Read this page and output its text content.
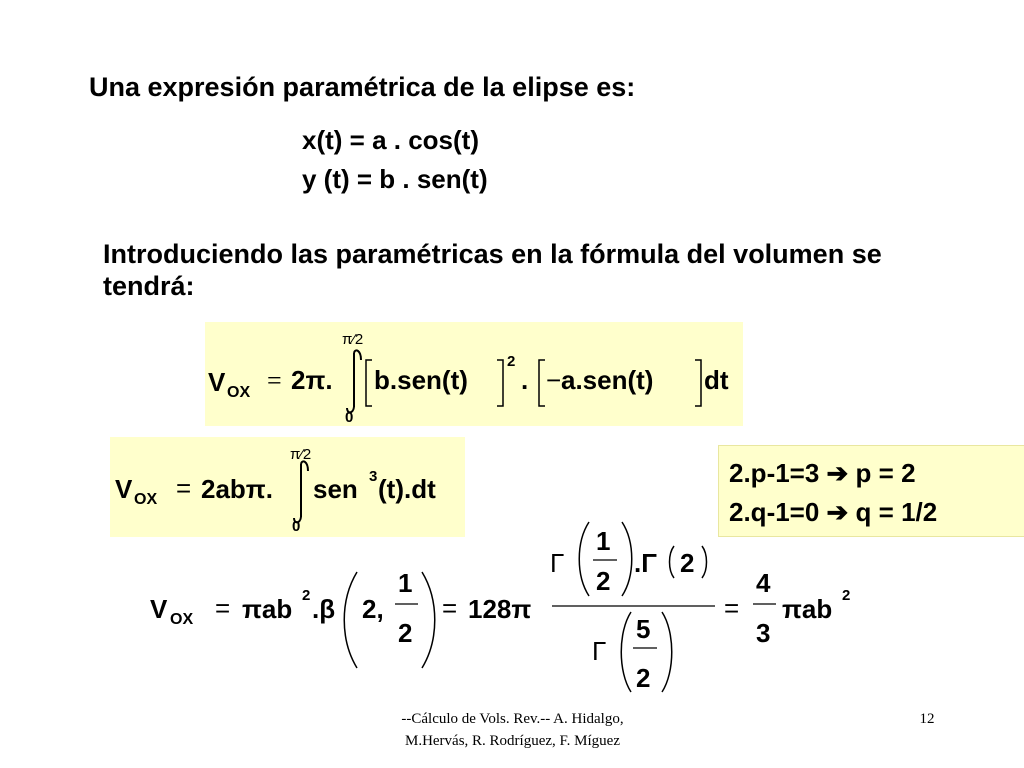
Una expresión paramétrica de la elipse es:
x(t) = a . cos(t)
y (t) = b . sen(t)
Introduciendo las paramétricas en la fórmula del volumen se tendrá:
V OX = 2π.
π⁄2
0
b.sen(t)
2
. − a.sen(t) dt
V OX = 2abπ.
π⁄2
0
sen 3 (t).dt
2.p-1=3 ➔ p = 2
2.q-1=0 ➔ q = 1/2
V OX = πab 2 .β 2,
1
2
= 128π
Γ
1
2
.Γ 2
Γ
5
2
=
4
3
πab 2
--Cálculo de Vols. Rev.-- A. Hidalgo,
M.Hervás, R. Rodríguez, F. Míguez
12
